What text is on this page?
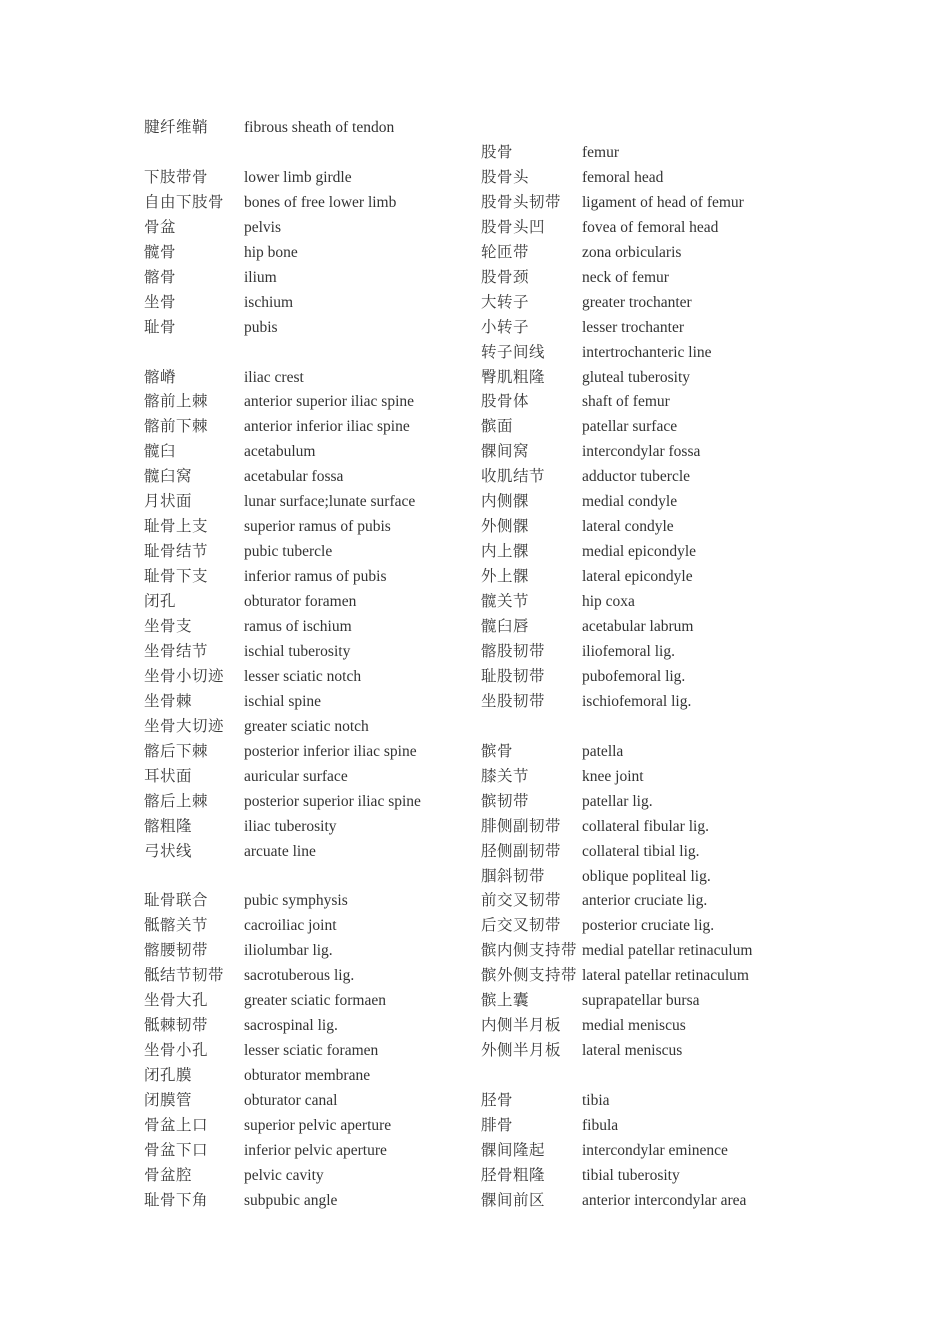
腱纤维鞘 fibrous sheath of tendon
下肢带骨 lower limb girdle
自由下肢骨 bones of free lower limb
骨盆	pelvis
髋骨	hip bone
髂骨	ilium
坐骨	ischium
耻骨	pubis
髂嵴	iliac crest
髂前上棘 anterior superior iliac spine
髂前下棘 anterior inferior iliac spine
髋臼	acetabulum
髋臼窝	acetabular fossa
月状面	lunar surface;lunate surface
耻骨上支 superior ramus of pubis
耻骨结节 pubic tubercle
耻骨下支 inferior ramus of pubis
闭孔	obturator foramen
坐骨支	ramus of ischium
坐骨结节 ischial tuberosity
坐骨小切迹 lesser sciatic notch
坐骨棘	ischial spine
坐骨大切迹 greater sciatic notch
髂后下棘 posterior inferior iliac spine
耳状面	auricular surface
髂后上棘 posterior superior iliac spine
髂粗隆	iliac tuberosity
弓状线	arcuate line
耻骨联合 pubic symphysis
骶髂关节 cacroiliac joint
髂腰韧带 iliolumbar lig.
骶结节韧带 sacrotuberous lig.
坐骨大孔 greater sciatic formaen
骶棘韧带 sacrospinal lig.
坐骨小孔 lesser sciatic foramen
闭孔膜	obturator membrane
闭膜管	obturator canal
骨盆上口 superior pelvic aperture
骨盆下口 inferior pelvic aperture
骨盆腔	pelvic cavity
耻骨下角 subpubic angle
股骨	femur
股骨头	femoral head
股骨头韧带 ligament of head of femur
股骨头凹 fovea of femoral head
轮匝带	zona orbicularis
股骨颈	neck of femur
大转子	greater trochanter
小转子	lesser trochanter
转子间线 intertrochanteric line
臀肌粗隆 gluteal tuberosity
股骨体	shaft of femur
髌面	patellar surface
髁间窝	intercondylar fossa
收肌结节 adductor tubercle
内侧髁	medial condyle
外侧髁	lateral condyle
内上髁	medial epicondyle
外上髁	lateral epicondyle
髋关节	hip coxa
髋臼唇	acetabular labrum
髂股韧带 iliofemoral lig.
耻股韧带 pubofemoral lig.
坐股韧带 ischiofemoral lig.
髌骨	patella
膝关节	knee joint
髌韧带	patellar lig.
腓侧副韧带 collateral fibular lig.
胫侧副韧带 collateral tibial lig.
腘斜韧带 oblique popliteal lig.
前交叉韧带 anterior cruciate lig.
后交叉韧带 posterior cruciate lig.
髌内侧支持带 medial patellar retinaculum
髌外侧支持带 lateral patellar retinaculum
髌上囊	suprapatellar bursa
内侧半月板 medial meniscus
外侧半月板 lateral meniscus
胫骨	tibia
腓骨	fibula
髁间隆起 intercondylar eminence
胫骨粗隆 tibial tuberosity
髁间前区 anterior intercondylar area
